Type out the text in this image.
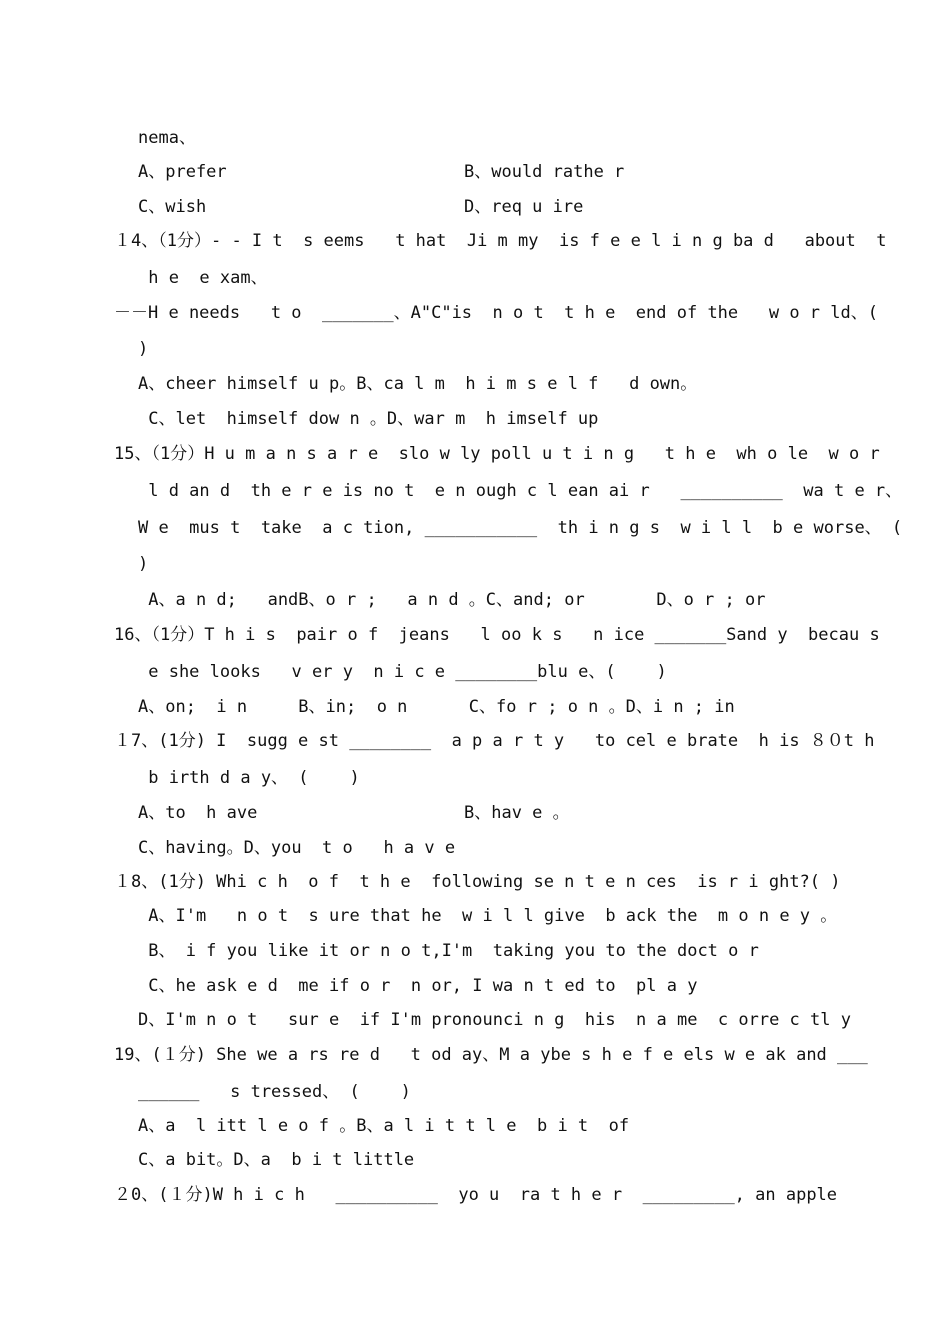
nema、
A、prefer	B、would rathe r
C、wish	D、req u ire
１4、（1分）- - I t  s eems   t hat  Ji m my  is f e e l i n g ba d   about  t
h e  e xam、
－－H e needs   t o  _______、A"C"is  n o t  t h e  end of the   w o r ld、(
)
A、cheer himself u p。B、ca l m  h i m s e l f   d own。
C、let  himself dow n 。D、war m  h imself up
15、（1分）H u m a n s a r e  slo w ly poll u t i n g   t h e  wh o le  w o r
l d an d  th e r e is no t  e n ough c l ean ai r   __________  wa t e r、
W e  mus t  take  a c tion, ___________  th i n g s  w i l l  b e worse、 (
)
A、a n d;   andB、o r ;   a n d 。C、and; or       D、o r ; or
16、（1分）T h i s  pair o f  jeans   l oo k s   n ice _______Sand y  becau s
e she looks   v er y  n i c e ________blu e、(    )
A、on;  i n     B、in;  o n      C、fo r ; o n 。D、i n ; in
１7、(1分) I  sugg e st ________  a p a r t y   to cel e brate  h is ８０t h
b irth d a y、 (    )
A、to  h ave	B、hav e 。
C、having。D、you  t o   h a v e
１8、(1分) Whi c h  o f  t h e  following se n t e n ces  is r i ght?( )
A、I'm   n o t  s ure that he  w i l l give  b ack the  m o n e y 。
B、 i f you like it or n o t,I'm  taking you to the doct o r
C、he ask e d  me if o r  n or, I wa n t ed to  pl a y
D、I'm n o t   sur e  if I'm pronounci n g  his  n a me  c orre c tl y
19、(１分) She we a rs re d   t od ay、M a ybe s h e f e els w e ak and ___
______   s tressed、 (    )
A、a  l itt l e o f 。B、a l i t t l e  b i t  of
C、a bit。D、a  b i t little
２0、(１分)W h i c h   __________  yo u  ra t h e r  _________, an apple
